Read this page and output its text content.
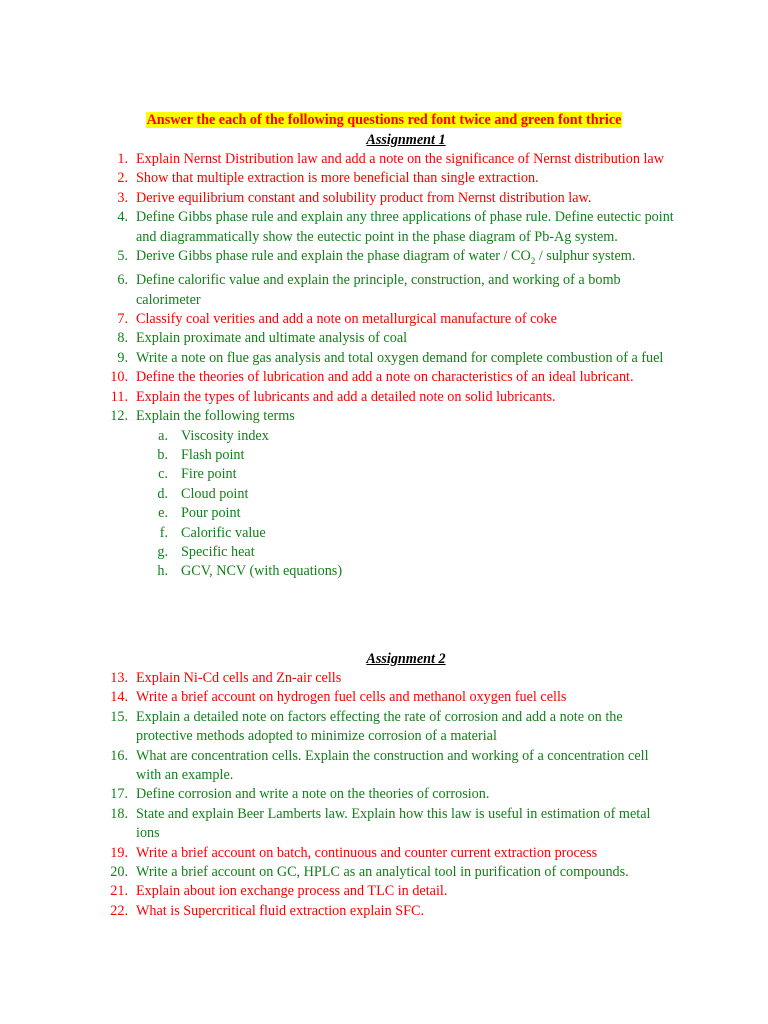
Answer the each of the following questions red font twice and green font thrice
Assignment 1
1. Explain Nernst Distribution law and add a note on the significance of Nernst distribution law
2. Show that multiple extraction is more beneficial than single extraction.
3. Derive equilibrium constant and solubility product from Nernst distribution law.
4. Define Gibbs phase rule and explain any three applications of phase rule. Define eutectic point and diagrammatically show the eutectic point in the phase diagram of Pb-Ag system.
5. Derive Gibbs phase rule and explain the phase diagram of water / $CO_2$ / sulphur system.
6. Define calorific value and explain the principle, construction, and working of a bomb calorimeter
7. Classify coal verities and add a note on metallurgical manufacture of coke
8. Explain proximate and ultimate analysis of coal
9. Write a note on flue gas analysis and total oxygen demand for complete combustion of a fuel
10. Define the theories of lubrication and add a note on characteristics of an ideal lubricant.
11. Explain the types of lubricants and add a detailed note on solid lubricants.
12. Explain the following terms
a. Viscosity index
b. Flash point
c. Fire point
d. Cloud point
e. Pour point
f. Calorific value
g. Specific heat
h. GCV, NCV (with equations)
Assignment 2
13. Explain Ni-Cd cells and Zn-air cells
14. Write a brief account on hydrogen fuel cells and methanol oxygen fuel cells
15. Explain a detailed note on factors effecting the rate of corrosion and add a note on the protective methods adopted to minimize corrosion of a material
16. What are concentration cells. Explain the construction and working of a concentration cell with an example.
17. Define corrosion and write a note on the theories of corrosion.
18. State and explain Beer Lamberts law. Explain how this law is useful in estimation of metal ions
19. Write a brief account on batch, continuous and counter current extraction process
20. Write a brief account on GC, HPLC as an analytical tool in purification of compounds.
21. Explain about ion exchange process and TLC in detail.
22. What is Supercritical fluid extraction explain SFC.
